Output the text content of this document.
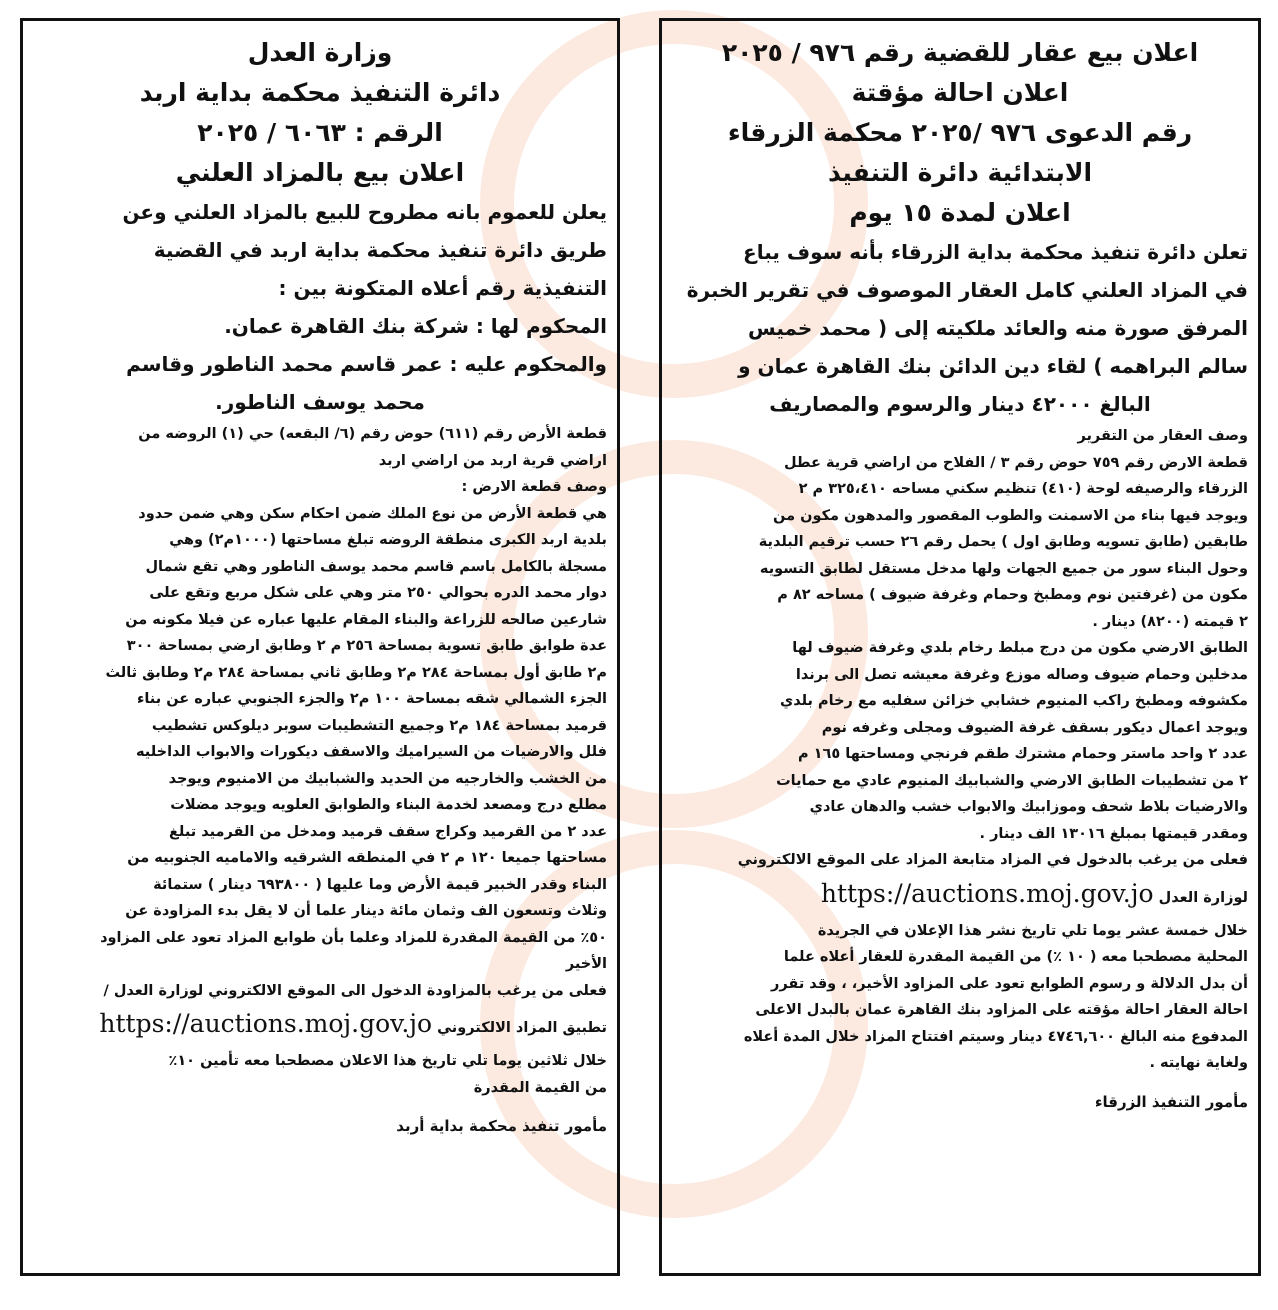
وزارة العدل

دائرة التنفيذ محكمة بداية اربد

الرقم : ٦٠٦٣ / ٢٠٢٥

اعلان بيع بالمزاد العلني

يعلن للعموم بانه مطروح للبيع بالمزاد العلني وعن

طريق دائرة تنفيذ محكمة بداية اربد في القضية

التنفيذية رقم أعلاه المتكونة بين :

المحكوم لها : شركة بنك القاهرة عمان.

والمحكوم عليه : عمر قاسم محمد الناطور وقاسم

محمد يوسف الناطور.

قطعة الأرض رقم (٦١١) حوض رقم (٦/ البقعه) حي (١) الروضه من

اراضي قرية اربد من اراضي اربد

وصف قطعة الارض :

هي قطعة الأرض من نوع الملك ضمن احكام سكن وهي ضمن حدود

بلدية اربد الكبرى منطقة الروضه تبلغ مساحتها (١٠٠٠م٢) وهي

مسجلة بالكامل باسم قاسم محمد يوسف الناطور وهي تقع شمال

دوار محمد الدره بحوالي ٢٥٠ متر وهي على شكل مربع وتقع على

شارعين صالحه للزراعة والبناء المقام عليها عباره عن فيلا مكونه من

عدة طوابق طابق تسوية بمساحة ٢٥٦ م ٢ وطابق ارضي بمساحة ٣٠٠

م٢ طابق أول بمساحة ٢٨٤ م٢ وطابق ثاني بمساحة ٢٨٤ م٢ وطابق ثالث

الجزء الشمالي شقه بمساحة ١٠٠ م٢ والجزء الجنوبي عباره عن بناء

قرميد بمساحة ١٨٤ م٢ وجميع التشطيبات سوبر ديلوكس تشطيب

فلل والارضيات من السيراميك والاسقف ديكورات والابواب الداخليه

من الخشب والخارجيه من الحديد والشبابيك من الامنيوم ويوجد

مطلع درج ومصعد لخدمة البناء والطوابق العلويه ويوجد مضلات

عدد ٢ من القرميد وكراج سقف قرميد ومدخل من القرميد تبلغ

مساحتها جميعا ١٢٠ م ٢ في المنطقه الشرقيه والاماميه الجنوبيه من

البناء وقدر الخبير قيمة الأرض وما عليها ( ٦٩٣٨٠٠ دينار ) ستمائة

وثلاث وتسعون الف وثمان مائة دينار علما أن لا يقل بدء المزاودة عن

٥٠٪ من القيمة المقدرة للمزاد وعلما بأن طوابع المزاد تعود على المزاود

الأخير

فعلى من يرغب بالمزاودة الدخول الى الموقع الالكتروني لوزارة العدل /

تطبيق المزاد الالكتروني https://auctions.moj.gov.jo

خلال ثلاثين يوما تلي تاريخ هذا الاعلان مصطحبا معه تأمين ١٠٪

من القيمة المقدرة

مأمور تنفيذ محكمة بداية أربد

اعلان بيع عقار للقضية رقم ٩٧٦ / ٢٠٢٥

اعلان احالة مؤقتة

رقم الدعوى ٩٧٦ /٢٠٢٥ محكمة الزرقاء

الابتدائية دائرة التنفيذ

اعلان لمدة ١٥ يوم

تعلن دائرة تنفيذ محكمة بداية الزرقاء بأنه سوف يباع

في المزاد العلني كامل العقار الموصوف في تقرير الخبرة

المرفق صورة منه والعائد ملكيته إلى ( محمد خميس

سالم البراهمه ) لقاء دين الدائن بنك القاهرة عمان و

البالغ ٤٢٠٠٠ دينار والرسوم والمصاريف

وصف العقار من التقرير

قطعة الارض رقم ٧٥٩ حوض رقم ٣ / الفلاح من اراضي قرية عطل

الزرقاء والرصيفه لوحة (٤١٠) تنظيم سكني مساحه ٣٢٥،٤١٠ م ٢

ويوجد فيها بناء من الاسمنت والطوب المقصور والمدهون مكون من

طابقين (طابق تسويه وطابق اول ) يحمل رقم ٢٦ حسب ترقيم البلدية

وحول البناء سور من جميع الجهات ولها مدخل مستقل لطابق التسويه

مكون من (غرفتين نوم ومطبخ وحمام وغرفة ضيوف ) مساحه ٨٢ م

٢ قيمته (٨٢٠٠) دينار .

الطابق الارضي مكون من درج مبلط رخام بلدي وغرفة ضيوف لها

مدخلين وحمام ضيوف وصاله موزع وغرفة معيشه تصل الى برندا

مكشوفه ومطبخ راكب المنيوم خشابي خزائن سفليه مع رخام بلدي

ويوجد اعمال ديكور بسقف غرفة الضيوف ومجلى وغرفه نوم

عدد ٢ واحد ماستر وحمام مشترك طقم فرنجي ومساحتها ١٦٥ م

٢ من تشطيبات الطابق الارضي والشبابيك المنيوم عادي مع حمايات

والارضيات بلاط شحف وموزابيك والابواب خشب والدهان عادي

ومقدر قيمتها بمبلغ ١٣٠١٦ الف دينار .

فعلى من يرغب بالدخول في المزاد متابعة المزاد على الموقع الالكتروني

لوزارة العدل https://auctions.moj.gov.jo

خلال خمسة عشر يوما تلي تاريخ نشر هذا الإعلان في الجريدة

المحلية مصطحبا معه ( ١٠ ٪) من القيمة المقدرة للعقار أعلاه علما

أن بدل الدلالة و رسوم الطوابع تعود على المزاود الأخير، ، وقد تقرر

احالة العقار احالة مؤقته على المزاود بنك القاهرة عمان بالبدل الاعلى

المدفوع منه البالغ ٤٧٤٦,٦٠٠ دينار وسيتم افتتاح المزاد خلال المدة أعلاه

ولغاية نهايته .

مأمور التنفيذ الزرقاء
